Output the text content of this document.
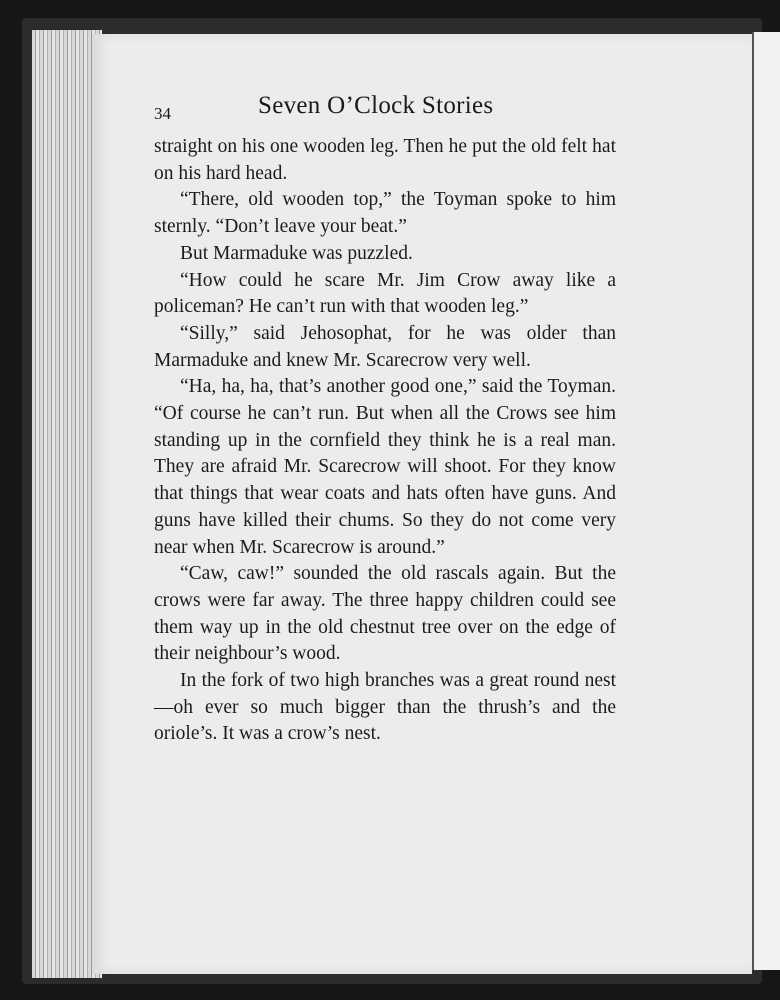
34	Seven O’Clock Stories

straight on his one wooden leg. Then he put the old felt hat on his hard head.

“There, old wooden top,” the Toyman spoke to him sternly. “Don’t leave your beat.”

But Marmaduke was puzzled.

“How could he scare Mr. Jim Crow away like a policeman? He can’t run with that wooden leg.”

“Silly,” said Jehosophat, for he was older than Marmaduke and knew Mr. Scarecrow very well.

“Ha, ha, ha, that’s another good one,” said the Toyman. “Of course he can’t run. But when all the Crows see him standing up in the cornfield they think he is a real man. They are afraid Mr. Scarecrow will shoot. For they know that things that wear coats and hats often have guns. And guns have killed their chums. So they do not come very near when Mr. Scarecrow is around.”

“Caw, caw!” sounded the old rascals again. But the crows were far away. The three happy children could see them way up in the old chestnut tree over on the edge of their neighbour’s wood.

In the fork of two high branches was a great round nest—oh ever so much bigger than the thrush’s and the oriole’s. It was a crow’s nest.
